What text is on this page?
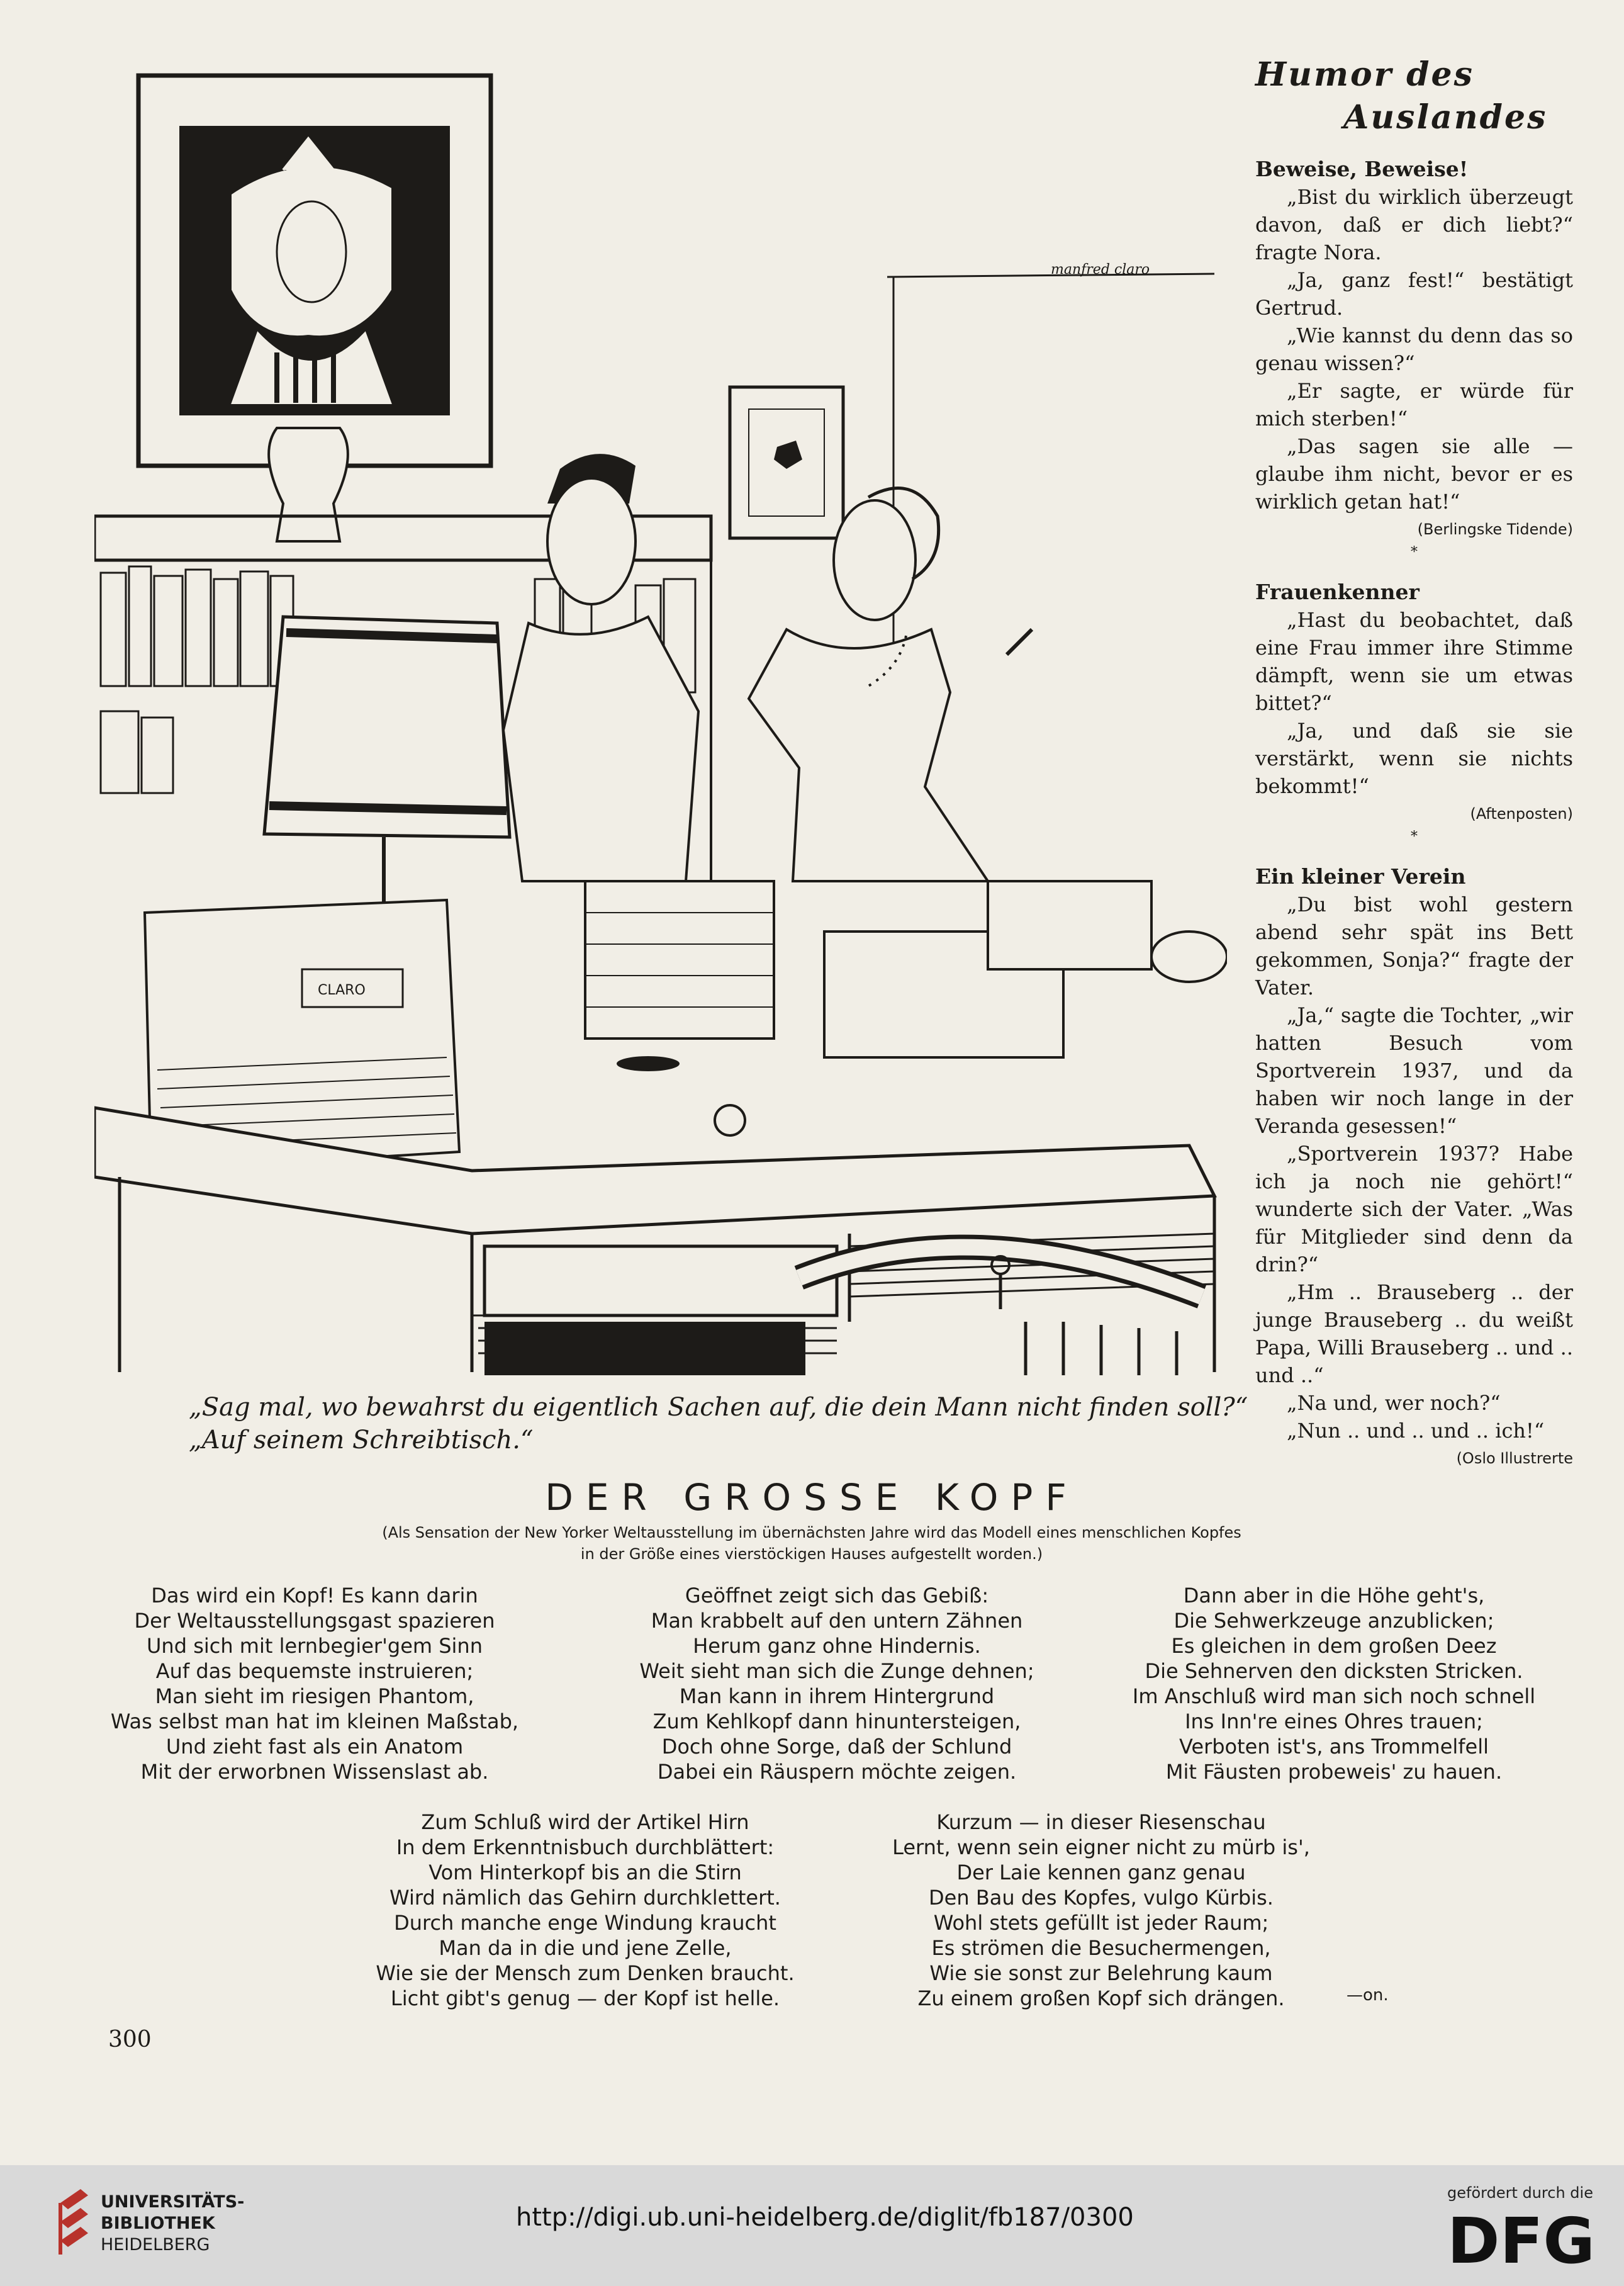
manfred claro
CLARO
„Sag mal, wo bewahrst du eigentlich Sachen auf, die dein Mann nicht finden soll?“
„Auf seinem Schreibtisch.“
Humor des
Auslandes
Beweise, Beweise!
„Bist du wirklich überzeugt davon, daß er dich liebt?“ fragte Nora.
„Ja, ganz fest!“ bestätigt Gertrud.
„Wie kannst du denn das so genau wissen?“
„Er sagte, er würde für mich sterben!“
„Das sagen sie alle — glaube ihm nicht, bevor er es wirklich getan hat!“
(Berlingske Tidende)
*
Frauenkenner
„Hast du beobachtet, daß eine Frau immer ihre Stimme dämpft, wenn sie um etwas bittet?“
„Ja, und daß sie sie verstärkt, wenn sie nichts bekommt!“
(Aftenposten)
*
Ein kleiner Verein
„Du bist wohl gestern abend sehr spät ins Bett gekommen, Sonja?“ fragte der Vater.
„Ja,“ sagte die Tochter, „wir hatten Besuch vom Sportverein 1937, und da haben wir noch lange in der Veranda gesessen!“
„Sportverein 1937? Habe ich ja noch nie gehört!“ wunderte sich der Vater. „Was für Mitglieder sind denn da drin?“
„Hm .. Brauseberg .. der junge Brauseberg .. du weißt Papa, Willi Brauseberg .. und .. und ..“
„Na und, wer noch?“
„Nun .. und .. und .. ich!“
(Oslo Illustrerte
DER GROSSE KOPF
(Als Sensation der New Yorker Weltausstellung im übernächsten Jahre wird das Modell eines menschlichen Kopfes
in der Größe eines vierstöckigen Hauses aufgestellt worden.)
Das wird ein Kopf! Es kann darin
Der Weltausstellungsgast spazieren
Und sich mit lernbegier'gem Sinn
Auf das bequemste instruieren;
Man sieht im riesigen Phantom,
Was selbst man hat im kleinen Maßstab,
Und zieht fast als ein Anatom
Mit der erworbnen Wissenslast ab.
Geöffnet zeigt sich das Gebiß:
Man krabbelt auf den untern Zähnen
Herum ganz ohne Hindernis.
Weit sieht man sich die Zunge dehnen;
Man kann in ihrem Hintergrund
Zum Kehlkopf dann hinuntersteigen,
Doch ohne Sorge, daß der Schlund
Dabei ein Räuspern möchte zeigen.
Dann aber in die Höhe geht's,
Die Sehwerkzeuge anzublicken;
Es gleichen in dem großen Deez
Die Sehnerven den dicksten Stricken.
Im Anschluß wird man sich noch schnell
Ins Inn're eines Ohres trauen;
Verboten ist's, ans Trommelfell
Mit Fäusten probeweis' zu hauen.
Zum Schluß wird der Artikel Hirn
In dem Erkenntnisbuch durchblättert:
Vom Hinterkopf bis an die Stirn
Wird nämlich das Gehirn durchklettert.
Durch manche enge Windung kraucht
Man da in die und jene Zelle,
Wie sie der Mensch zum Denken braucht.
Licht gibt's genug — der Kopf ist helle.
Kurzum — in dieser Riesenschau
Lernt, wenn sein eigner nicht zu mürb is',
Der Laie kennen ganz genau
Den Bau des Kopfes, vulgo Kürbis.
Wohl stets gefüllt ist jeder Raum;
Es strömen die Besuchermengen,
Wie sie sonst zur Belehrung kaum
Zu einem großen Kopf sich drängen.	—on.
300
UNIVERSITÄTS-
BIBLIOTHEK
HEIDELBERG
http://digi.ub.uni-heidelberg.de/diglit/fb187/0300
gefördert durch die
DFG
